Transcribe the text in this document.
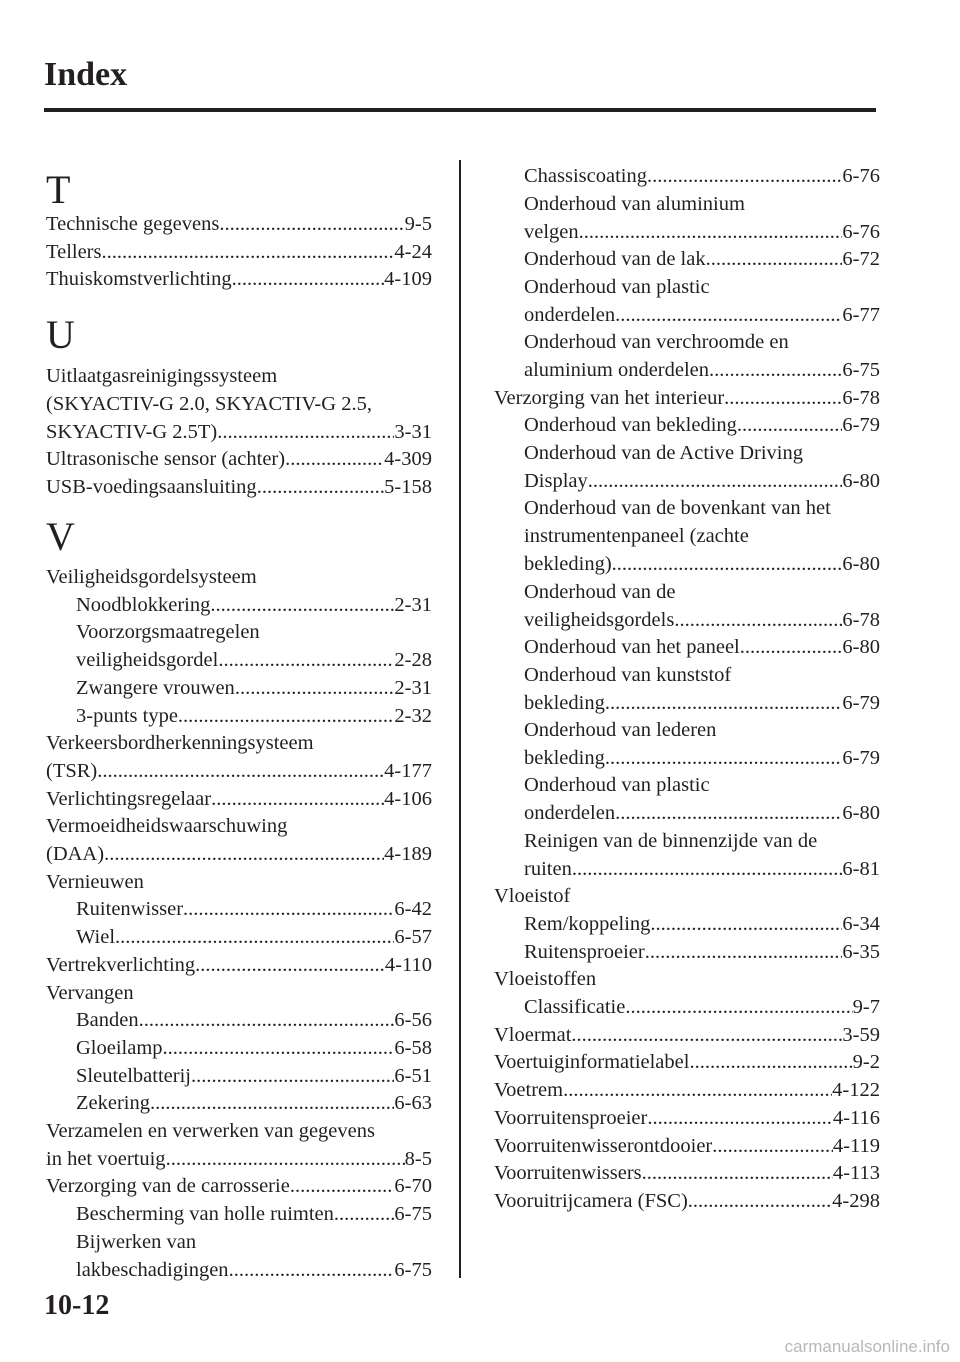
Index
T
Technische gegevens .....	9-5
Tellers .....	4-24
Thuiskomstverlichting .....	4-109
U
Uitlaatgasreinigingssysteem
(SKYACTIV-G 2.0, SKYACTIV-G 2.5,
SKYACTIV-G 2.5T) .....	3-31
Ultrasonische sensor (achter) .....	4-309
USB-voedingsaansluiting .....	5-158
V
Veiligheidsgordelsysteem
Noodblokkering .....	2-31
Voorzorgsmaatregelen
veiligheidsgordel .....	2-28
Zwangere vrouwen .....	2-31
3-punts type .....	2-32
Verkeersbordherkenningsysteem
(TSR) .....	4-177
Verlichtingsregelaar .....	4-106
Vermoeidheidswaarschuwing
(DAA) .....	4-189
Vernieuwen
Ruitenwisser .....	6-42
Wiel .....	6-57
Vertrekverlichting .....	4-110
Vervangen
Banden .....	6-56
Gloeilamp .....	6-58
Sleutelbatterij .....	6-51
Zekering .....	6-63
Verzamelen en verwerken van gegevens
in het voertuig .....	8-5
Verzorging van de carrosserie .....	6-70
Bescherming van holle ruimten .....	6-75
Bijwerken van
lakbeschadigingen .....	6-75
Chassiscoating .....	6-76
Onderhoud van aluminium
velgen .....	6-76
Onderhoud van de lak .....	6-72
Onderhoud van plastic
onderdelen .....	6-77
Onderhoud van verchroomde en
aluminium onderdelen .....	6-75
Verzorging van het interieur .....	6-78
Onderhoud van bekleding .....	6-79
Onderhoud van de Active Driving
Display .....	6-80
Onderhoud van de bovenkant van het
instrumentenpaneel (zachte
bekleding) .....	6-80
Onderhoud van de
veiligheidsgordels .....	6-78
Onderhoud van het paneel .....	6-80
Onderhoud van kunststof
bekleding .....	6-79
Onderhoud van lederen
bekleding .....	6-79
Onderhoud van plastic
onderdelen .....	6-80
Reinigen van de binnenzijde van de
ruiten .....	6-81
Vloeistof
Rem/koppeling .....	6-34
Ruitensproeier .....	6-35
Vloeistoffen
Classificatie .....	9-7
Vloermat .....	3-59
Voertuiginformatielabel .....	9-2
Voetrem .....	4-122
Voorruitensproeier .....	4-116
Voorruitenwisserontdooier .....	4-119
Voorruitenwissers .....	4-113
Vooruitrijcamera (FSC) .....	4-298
10-12
carmanualsonline.info
